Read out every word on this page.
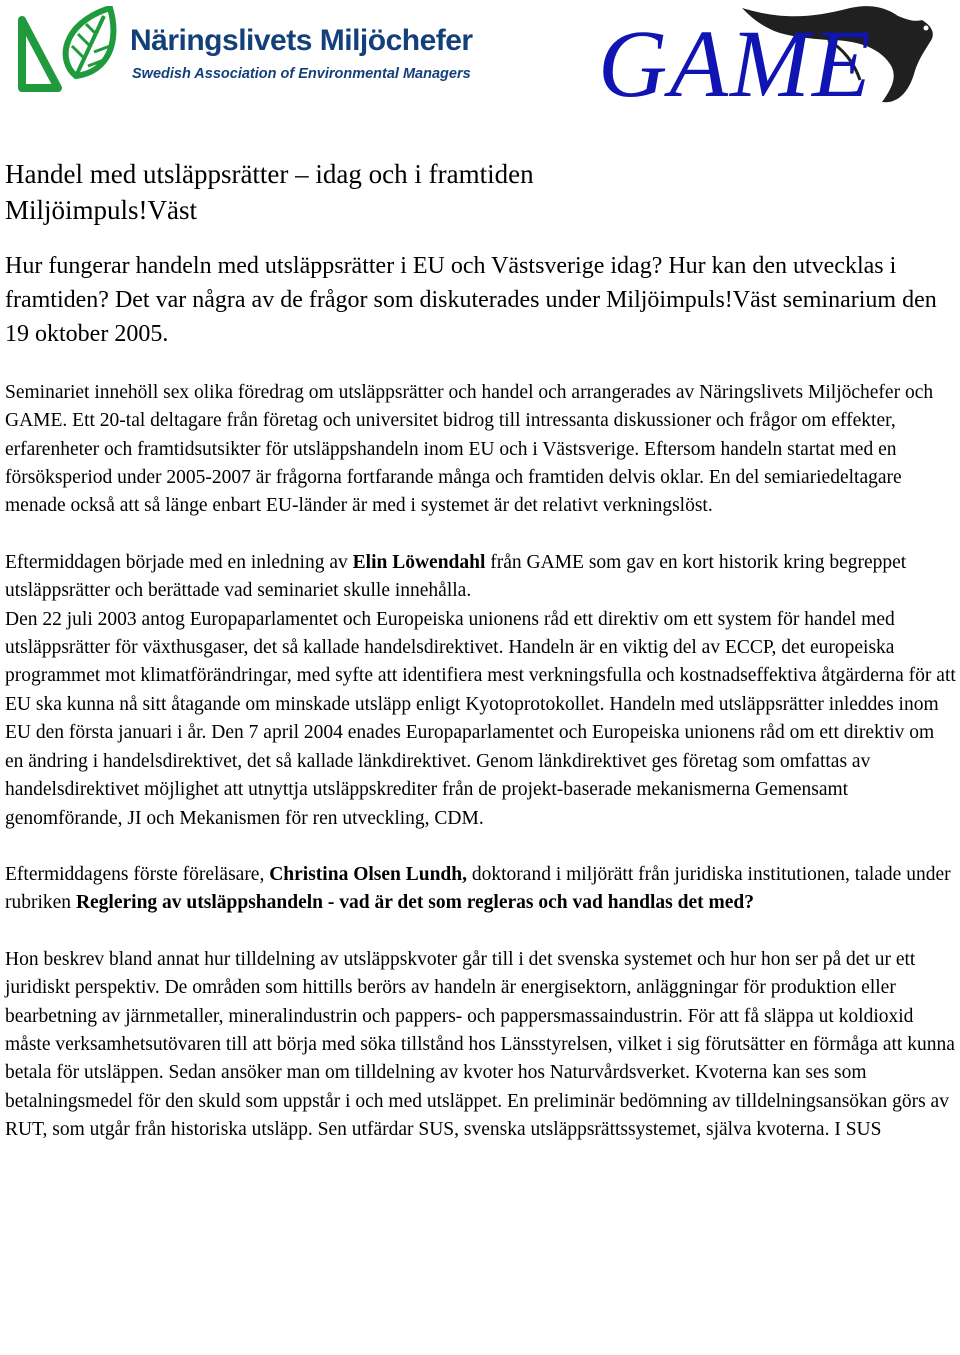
Näringslivets Miljöchefer
Swedish Association of Environmental Managers GAME

Handel med utsläppsrätter – idag och i framtiden
Miljöimpuls!Väst

Hur fungerar handeln med utsläppsrätter i EU och Västsverige idag? Hur kan den utvecklas i framtiden? Det var några av de frågor som diskuterades under Miljöimpuls!Väst seminarium den 19 oktober 2005.

Seminariet innehöll sex olika föredrag om utsläppsrätter och handel och arrangerades av Näringslivets Miljöchefer och GAME. Ett 20-tal deltagare från företag och universitet bidrog till intressanta diskussioner och frågor om effekter, erfarenheter och framtidsutsikter för utsläppshandeln inom EU och i Västsverige. Eftersom handeln startat med en försöksperiod under 2005-2007 är frågorna fortfarande många och framtiden delvis oklar. En del semiariedeltagare menade också att så länge enbart EU-länder är med i systemet är det relativt verkningslöst.

Eftermiddagen började med en inledning av Elin Löwendahl från GAME som gav en kort historik kring begreppet utsläppsrätter och berättade vad seminariet skulle innehålla.

Den 22 juli 2003 antog Europaparlamentet och Europeiska unionens råd ett direktiv om ett system för handel med utsläppsrätter för växthusgaser, det så kallade handelsdirektivet. Handeln är en viktig del av ECCP, det europeiska programmet mot klimatförändringar, med syfte att identifiera mest verkningsfulla och kostnadseffektiva åtgärderna för att EU ska kunna nå sitt åtagande om minskade utsläpp enligt Kyotoprotokollet. Handeln med utsläppsrätter inleddes inom EU den första januari i år. Den 7 april 2004 enades Europaparlamentet och Europeiska unionens råd om ett direktiv om en ändring i handelsdirektivet, det så kallade länkdirektivet. Genom länkdirektivet ges företag som omfattas av handelsdirektivet möjlighet att utnyttja utsläppskrediter från de projekt-baserade mekanismerna Gemensamt genomförande, JI och Mekanismen för ren utveckling, CDM.

Eftermiddagens förste föreläsare, Christina Olsen Lundh, doktorand i miljörätt från juridiska institutionen, talade under rubriken Reglering av utsläppshandeln - vad är det som regleras och vad handlas det med?

Hon beskrev bland annat hur tilldelning av utsläppskvoter går till i det svenska systemet och hur hon ser på det ur ett juridiskt perspektiv. De områden som hittills berörs av handeln är energisektorn, anläggningar för produktion eller bearbetning av järnmetaller, mineralindustrin och pappers- och pappersmassaindustrin. För att få släppa ut koldioxid måste verksamhetsutövaren till att börja med söka tillstånd hos Länsstyrelsen, vilket i sig förutsätter en förmåga att kunna betala för utsläppen. Sedan ansöker man om tilldelning av kvoter hos Naturvårdsverket. Kvoterna kan ses som betalningsmedel för den skuld som uppstår i och med utsläppet. En preliminär bedömning av tilldelningsansökan görs av RUT, som utgår från historiska utsläpp. Sen utfärdar SUS, svenska utsläppsrättssystemet, själva kvoterna. I SUS
